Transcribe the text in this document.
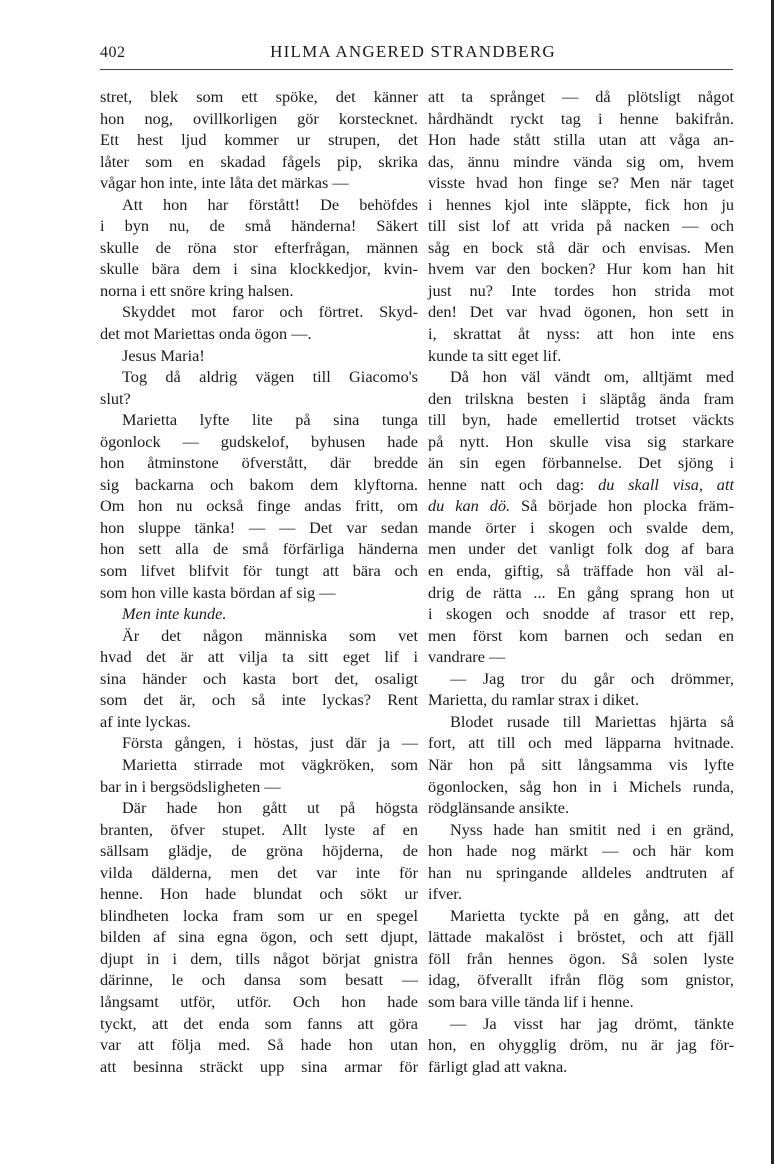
402	HILMA ANGERED STRANDBERG
stret, blek som ett spöke, det känner
hon nog, ovillkorligen gör korstecknet.
Ett hest ljud kommer ur strupen, det
låter som en skadad fågels pip, skrika
vågar hon inte, inte låta det märkas —
Att hon har förstått! De behöfdes
i byn nu, de små händerna! Säkert
skulle de röna stor efterfrågan, männen
skulle bära dem i sina klockkedjor, kvin-
norna i ett snöre kring halsen.
Skyddet mot faror och förtret. Skyd-
det mot Mariettas onda ögon —.
Jesus Maria!
Tog då aldrig vägen till Giacomo's
slut?
Marietta lyfte lite på sina tunga
ögonlock — gudskelof, byhusen hade
hon åtminstone öfverstått, där bredde
sig backarna och bakom dem klyftorna.
Om hon nu också finge andas fritt, om
hon sluppe tänka! — — Det var sedan
hon sett alla de små förfärliga händerna
som lifvet blifvit för tungt att bära och
som hon ville kasta bördan af sig —
Men inte kunde.
Är det någon människa som vet
hvad det är att vilja ta sitt eget lif i
sina händer och kasta bort det, osaligt
som det är, och så inte lyckas? Rent
af inte lyckas.
Första gången, i höstas, just där ja —
Marietta stirrade mot vägkröken, som
bar in i bergsödsligheten —
Där hade hon gått ut på högsta
branten, öfver stupet. Allt lyste af en
sällsam glädje, de gröna höjderna, de
vilda dälderna, men det var inte för
henne. Hon hade blundat och sökt ur
blindheten locka fram som ur en spegel
bilden af sina egna ögon, och sett djupt,
djupt in i dem, tills något börjat gnistra
därinne, le och dansa som besatt —
långsamt utför, utför. Och hon hade
tyckt, att det enda som fanns att göra
var att följa med. Så hade hon utan
att besinna sträckt upp sina armar för
att ta språnget — då plötsligt något
hårdhändt ryckt tag i henne bakifrån.
Hon hade stått stilla utan att våga an-
das, ännu mindre vända sig om, hvem
visste hvad hon finge se? Men när taget
i hennes kjol inte släppte, fick hon ju
till sist lof att vrida på nacken — och
såg en bock stå där och envisas. Men
hvem var den bocken? Hur kom han hit
just nu? Inte tordes hon strida mot
den! Det var hvad ögonen, hon sett in
i, skrattat åt nyss: att hon inte ens
kunde ta sitt eget lif.
Då hon väl vändt om, alltjämt med
den trilskna besten i släptåg ända fram
till byn, hade emellertid trotset väckts
på nytt. Hon skulle visa sig starkare
än sin egen förbannelse. Det sjöng i
henne natt och dag: du skall visa, att
du kan dö. Så började hon plocka främ-
mande örter i skogen och svalde dem,
men under det vanligt folk dog af bara
en enda, giftig, så träffade hon väl al-
drig de rätta ... En gång sprang hon ut
i skogen och snodde af trasor ett rep,
men först kom barnen och sedan en
vandrare —
— Jag tror du går och drömmer,
Marietta, du ramlar strax i diket.
Blodet rusade till Mariettas hjärta så
fort, att till och med läpparna hvitnade.
När hon på sitt långsamma vis lyfte
ögonlocken, såg hon in i Michels runda,
rödglänsande ansikte.
Nyss hade han smitit ned i en gränd,
hon hade nog märkt — och här kom
han nu springande alldeles andtruten af
ifver.
Marietta tyckte på en gång, att det
lättade makalöst i bröstet, och att fjäll
föll från hennes ögon. Så solen lyste
idag, öfverallt ifrån flög som gnistor,
som bara ville tända lif i henne.
— Ja visst har jag drömt, tänkte
hon, en ohygglig dröm, nu är jag för-
färligt glad att vakna.
